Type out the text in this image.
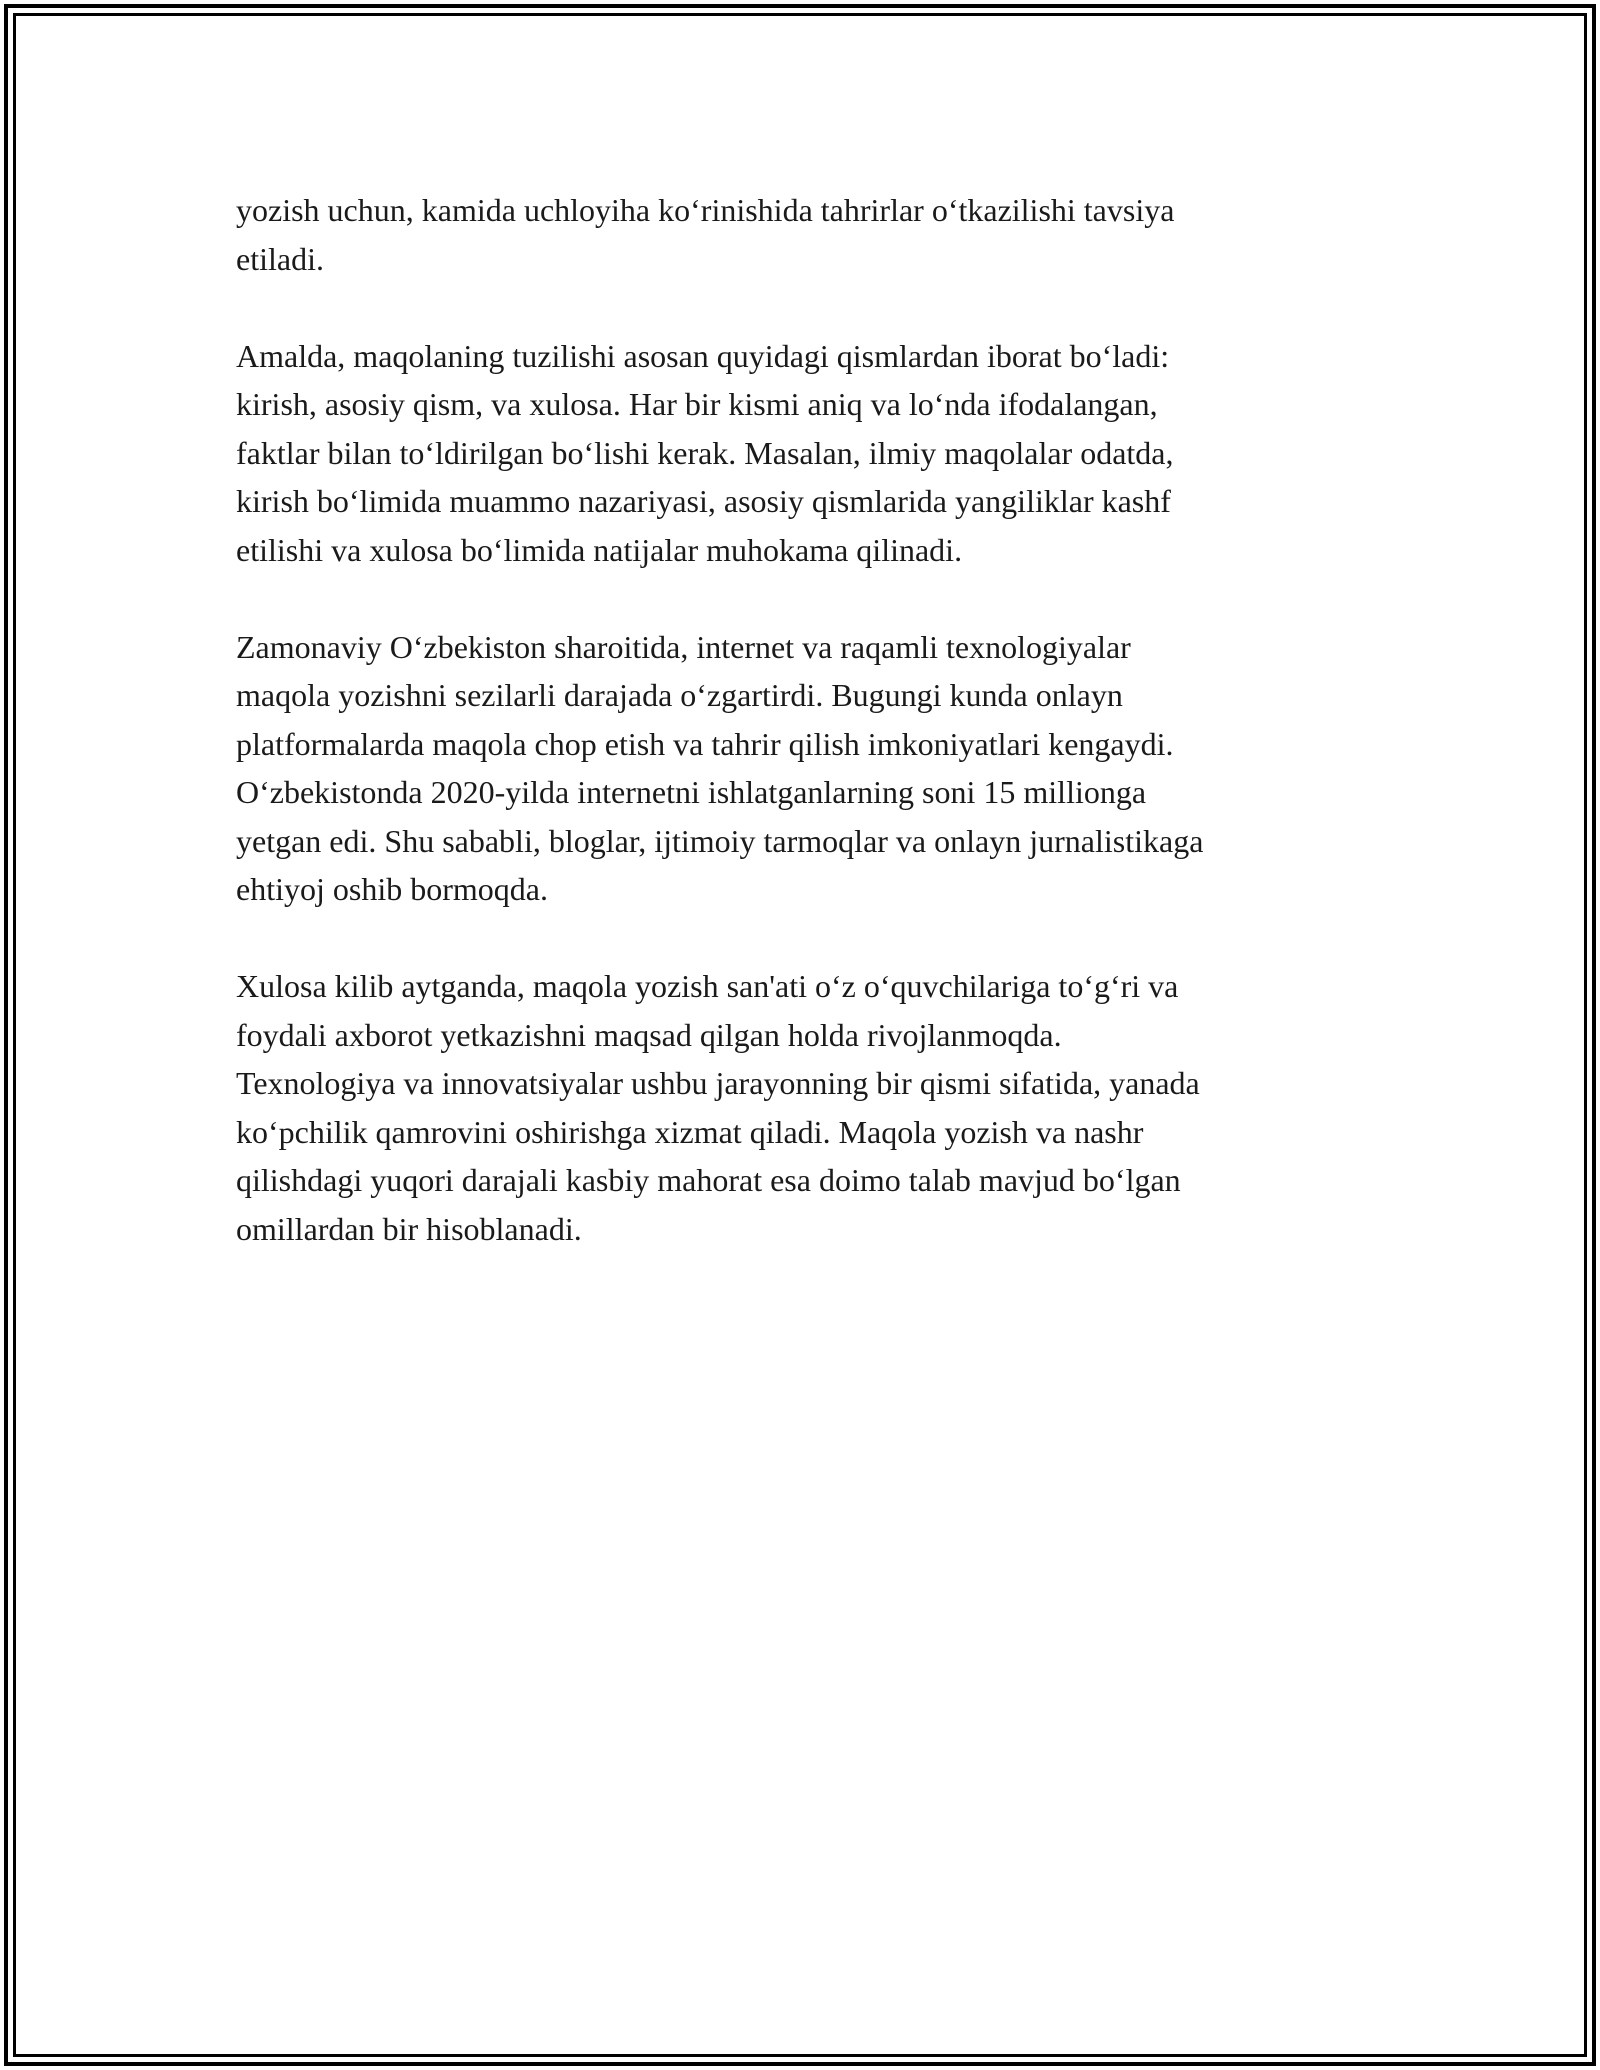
yozish uchun, kamida uchloyiha koʻrinishida tahrirlar oʻtkazilishi tavsiya
etiladi.

Amalda, maqolaning tuzilishi asosan quyidagi qismlardan iborat boʻladi:
kirish, asosiy qism, va xulosa. Har bir kismi aniq va loʻnda ifodalangan,
faktlar bilan toʻldirilgan boʻlishi kerak. Masalan, ilmiy maqolalar odatda,
kirish boʻlimida muammo nazariyasi, asosiy qismlarida yangiliklar kashf
etilishi va xulosa boʻlimida natijalar muhokama qilinadi.

Zamonaviy Oʻzbekiston sharoitida, internet va raqamli texnologiyalar
maqola yozishni sezilarli darajada oʻzgartirdi. Bugungi kunda onlayn
platformalarda maqola chop etish va tahrir qilish imkoniyatlari kengaydi.
Oʻzbekistonda 2020-yilda internetni ishlatganlarning soni 15 millionga
yetgan edi. Shu sababli, bloglar, ijtimoiy tarmoqlar va onlayn jurnalistikaga
ehtiyoj oshib bormoqda.

Xulosa kilib aytganda, maqola yozish san'ati oʻz oʻquvchilariga toʻgʻri va
foydali axborot yetkazishni maqsad qilgan holda rivojlanmoqda.
Texnologiya va innovatsiyalar ushbu jarayonning bir qismi sifatida, yanada
koʻpchilik qamrovini oshirishga xizmat qiladi. Maqola yozish va nashr
qilishdagi yuqori darajali kasbiy mahorat esa doimo talab mavjud boʻlgan
omillardan bir hisoblanadi.
